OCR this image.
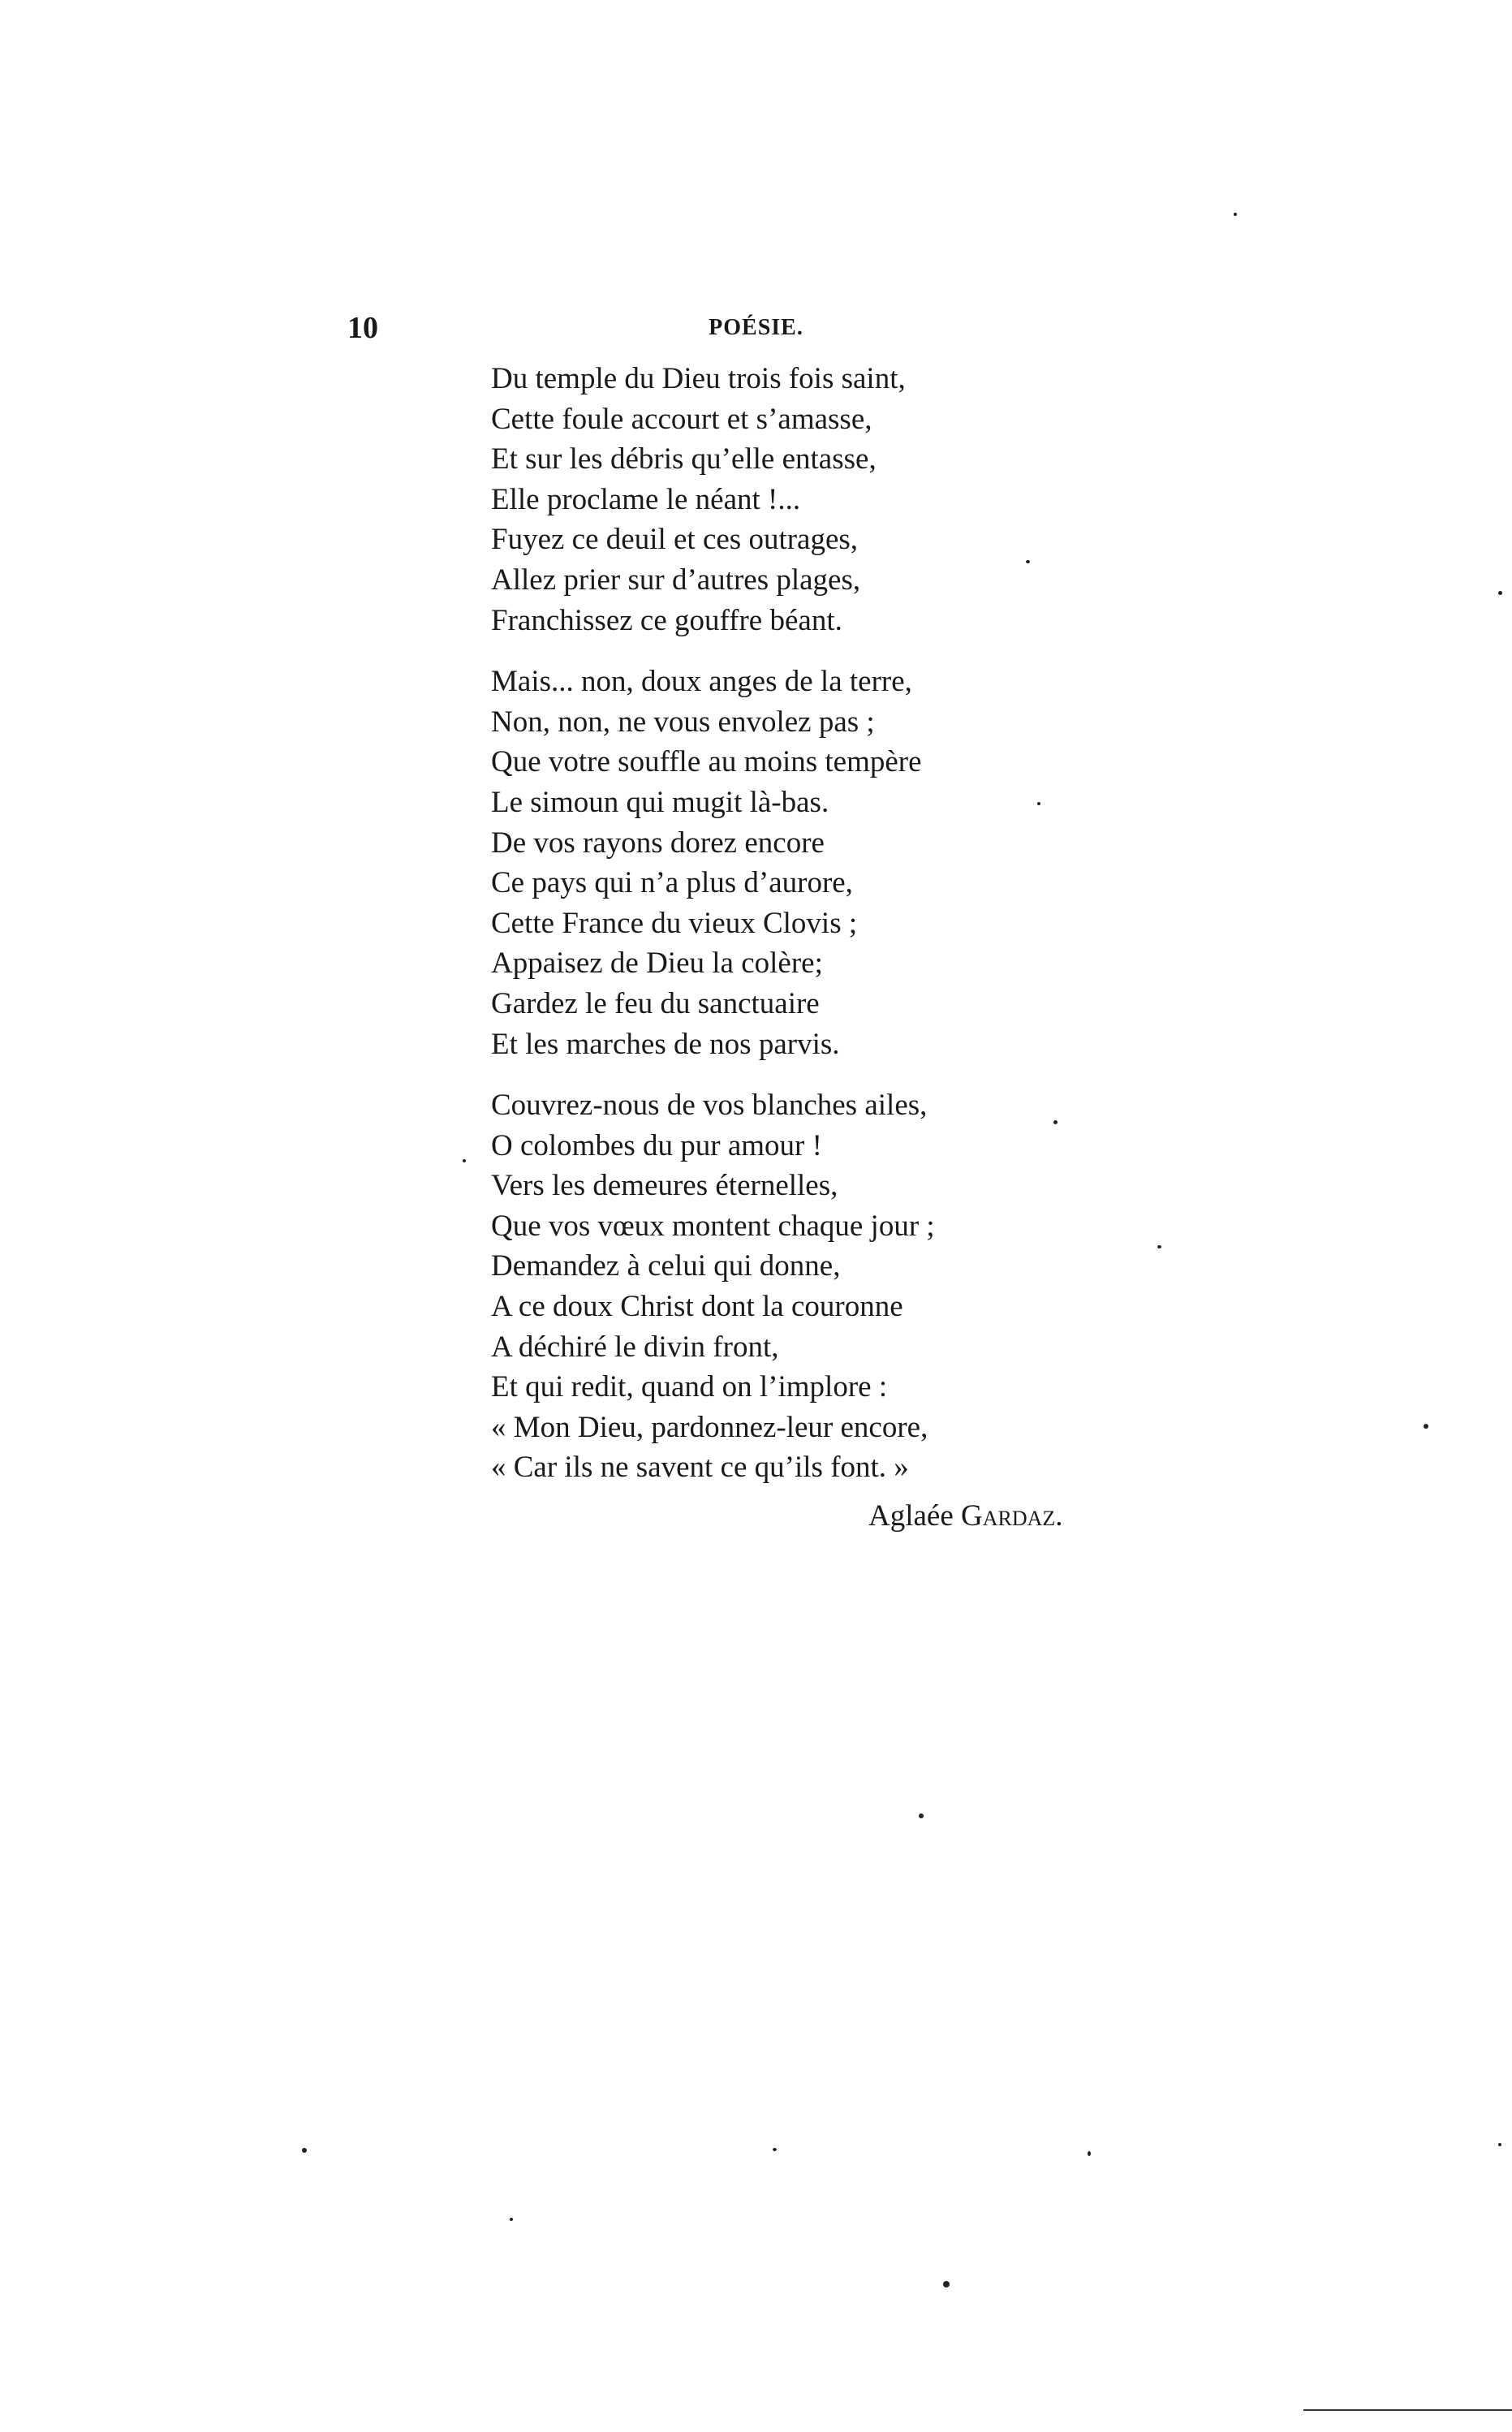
10	POÉSIE.
Du temple du Dieu trois fois saint,
Cette foule accourt et s’amasse,
Et sur les débris qu’elle entasse,
Elle proclame le néant !...
Fuyez ce deuil et ces outrages,
Allez prier sur d’autres plages,
Franchissez ce gouffre béant.
Mais... non, doux anges de la terre,
Non, non, ne vous envolez pas ;
Que votre souffle au moins tempère
Le simoun qui mugit là-bas.
De vos rayons dorez encore
Ce pays qui n’a plus d’aurore,
Cette France du vieux Clovis ;
Appaisez de Dieu la colère;
Gardez le feu du sanctuaire
Et les marches de nos parvis.
Couvrez-nous de vos blanches ailes,
O colombes du pur amour !
Vers les demeures éternelles,
Que vos vœux montent chaque jour ;
Demandez à celui qui donne,
A ce doux Christ dont la couronne
A déchiré le divin front,
Et qui redit, quand on l’implore :
« Mon Dieu, pardonnez-leur encore,
« Car ils ne savent ce qu’ils font. »
Aglaée Gardaz.
